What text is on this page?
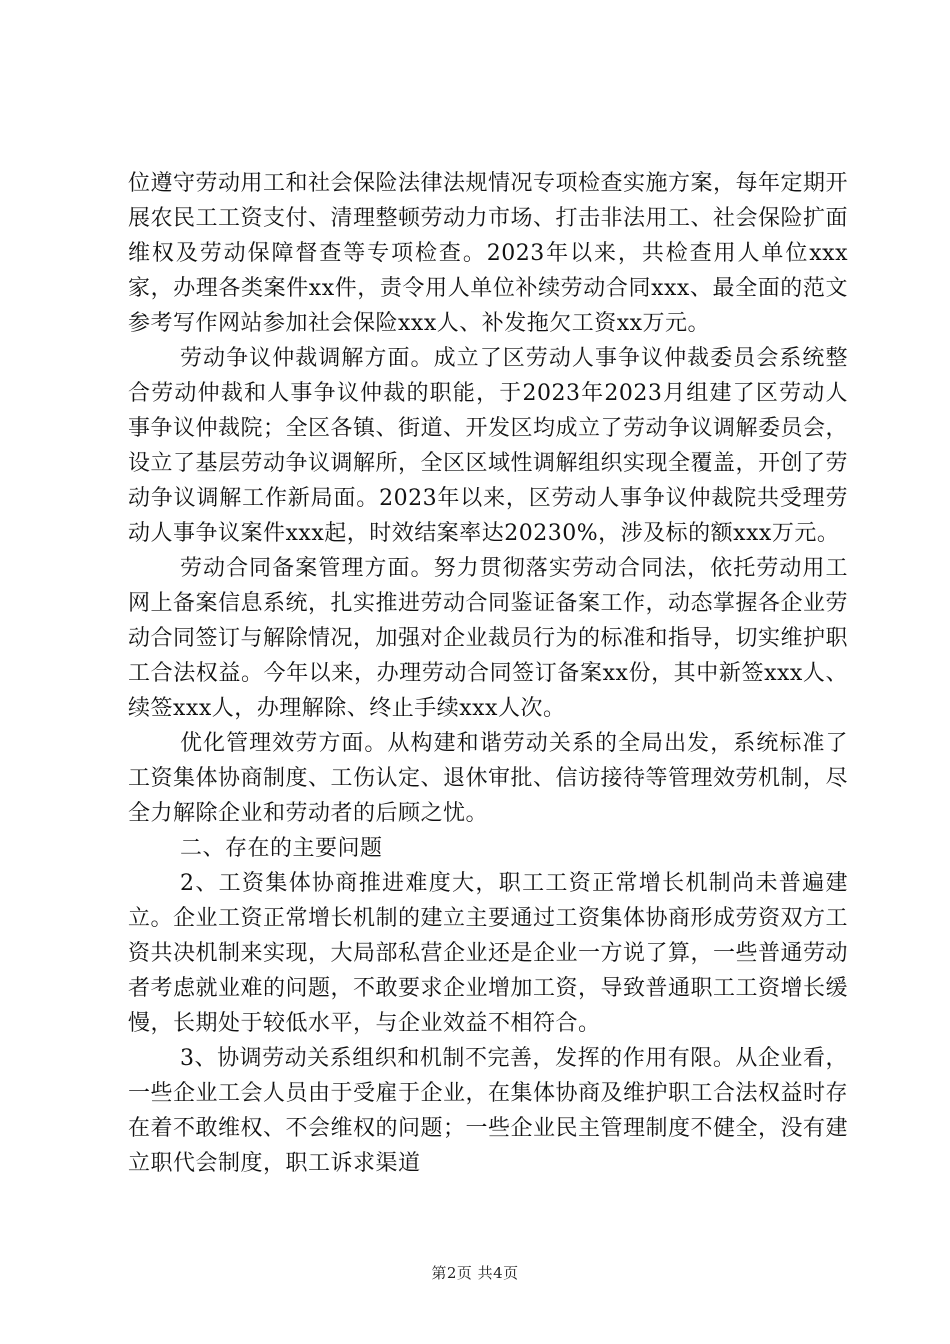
位遵守劳动用工和社会保险法律法规情况专项检查实施方案，每年定期开展农民工工资支付、清理整顿劳动力市场、打击非法用工、社会保险扩面维权及劳动保障督查等专项检查。2023年以来，共检查用人单位xxx家，办理各类案件xx件，责令用人单位补续劳动合同xxx、最全面的范文参考写作网站参加社会保险xxx人、补发拖欠工资xx万元。

劳动争议仲裁调解方面。成立了区劳动人事争议仲裁委员会系统整合劳动仲裁和人事争议仲裁的职能，于2023年2023月组建了区劳动人事争议仲裁院；全区各镇、街道、开发区均成立了劳动争议调解委员会，设立了基层劳动争议调解所，全区区域性调解组织实现全覆盖，开创了劳动争议调解工作新局面。2023年以来，区劳动人事争议仲裁院共受理劳动人事争议案件xxx起，时效结案率达20230%，涉及标的额xxx万元。

劳动合同备案管理方面。努力贯彻落实劳动合同法，依托劳动用工网上备案信息系统，扎实推进劳动合同鉴证备案工作，动态掌握各企业劳动合同签订与解除情况，加强对企业裁员行为的标准和指导，切实维护职工合法权益。今年以来，办理劳动合同签订备案xx份，其中新签xxx人、续签xxx人，办理解除、终止手续xxx人次。

优化管理效劳方面。从构建和谐劳动关系的全局出发，系统标准了工资集体协商制度、工伤认定、退休审批、信访接待等管理效劳机制，尽全力解除企业和劳动者的后顾之忧。

二、存在的主要问题

2、工资集体协商推进难度大，职工工资正常增长机制尚未普遍建立。企业工资正常增长机制的建立主要通过工资集体协商形成劳资双方工资共决机制来实现，大局部私营企业还是企业一方说了算，一些普通劳动者考虑就业难的问题，不敢要求企业增加工资，导致普通职工工资增长缓慢，长期处于较低水平，与企业效益不相符合。

3、协调劳动关系组织和机制不完善，发挥的作用有限。从企业看，一些企业工会人员由于受雇于企业，在集体协商及维护职工合法权益时存在着不敢维权、不会维权的问题；一些企业民主管理制度不健全，没有建立职代会制度，职工诉求渠道

第2页 共4页
